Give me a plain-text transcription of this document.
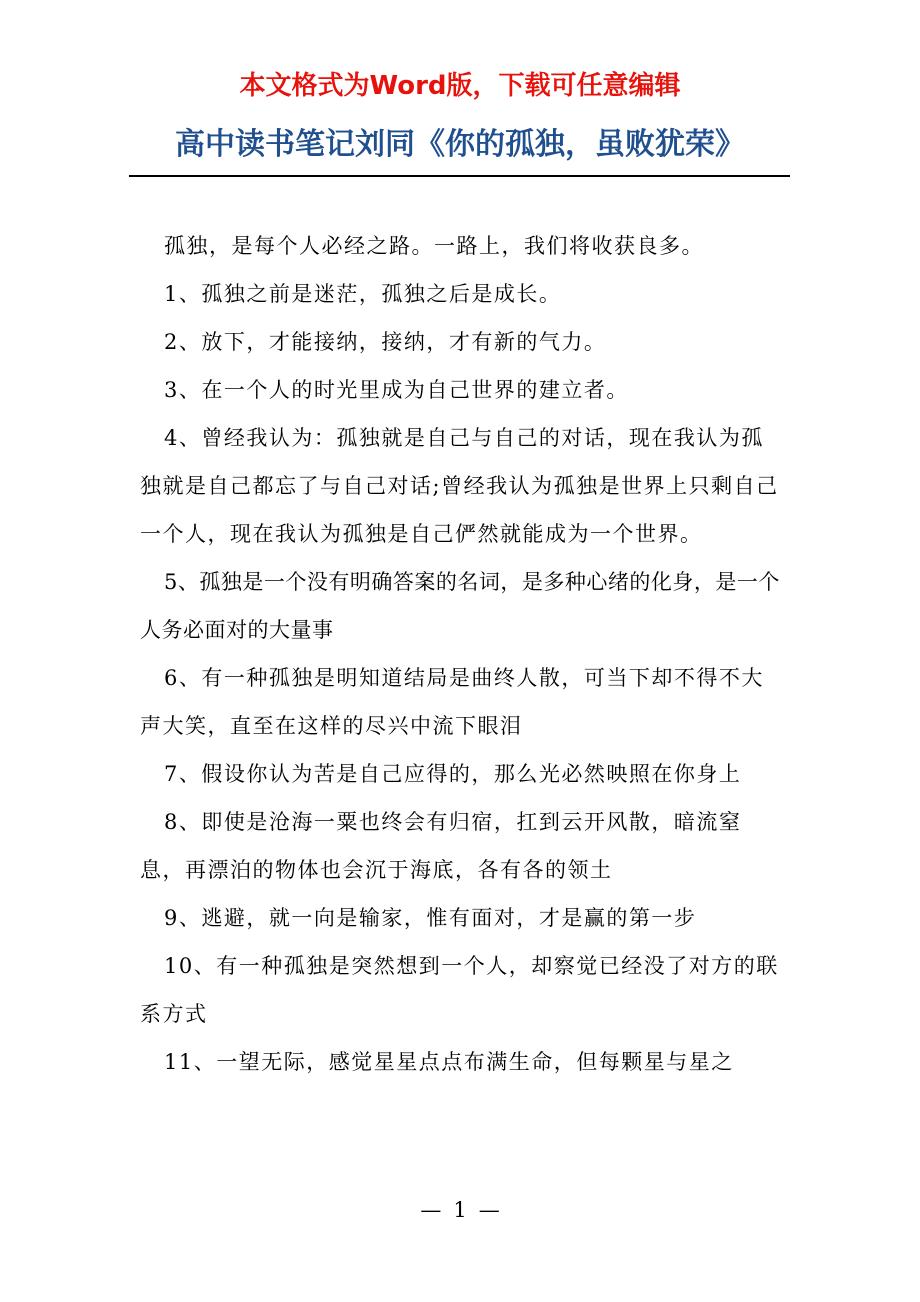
本文格式为Word版，下载可任意编辑
高中读书笔记刘同《你的孤独，虽败犹荣》

孤独，是每个人必经之路。一路上，我们将收获良多。

1、孤独之前是迷茫，孤独之后是成长。

2、放下，才能接纳，接纳，才有新的气力。

3、在一个人的时光里成为自己世界的建立者。

4、曾经我认为：孤独就是自己与自己的对话，现在我认为孤独就是自己都忘了与自己对话;曾经我认为孤独是世界上只剩自己一个人，现在我认为孤独是自己俨然就能成为一个世界。

5、孤独是一个没有明确答案的名词，是多种心绪的化身，是一个人务必面对的大量事

6、有一种孤独是明知道结局是曲终人散，可当下却不得不大声大笑，直至在这样的尽兴中流下眼泪

7、假设你认为苦是自己应得的，那么光必然映照在你身上

8、即使是沧海一粟也终会有归宿，扛到云开风散，暗流窒息，再漂泊的物体也会沉于海底，各有各的领土

9、逃避，就一向是输家，惟有面对，才是赢的第一步

10、有一种孤独是突然想到一个人，却察觉已经没了对方的联系方式

11、一望无际，感觉星星点点布满生命，但每颗星与星之

— 1 —
